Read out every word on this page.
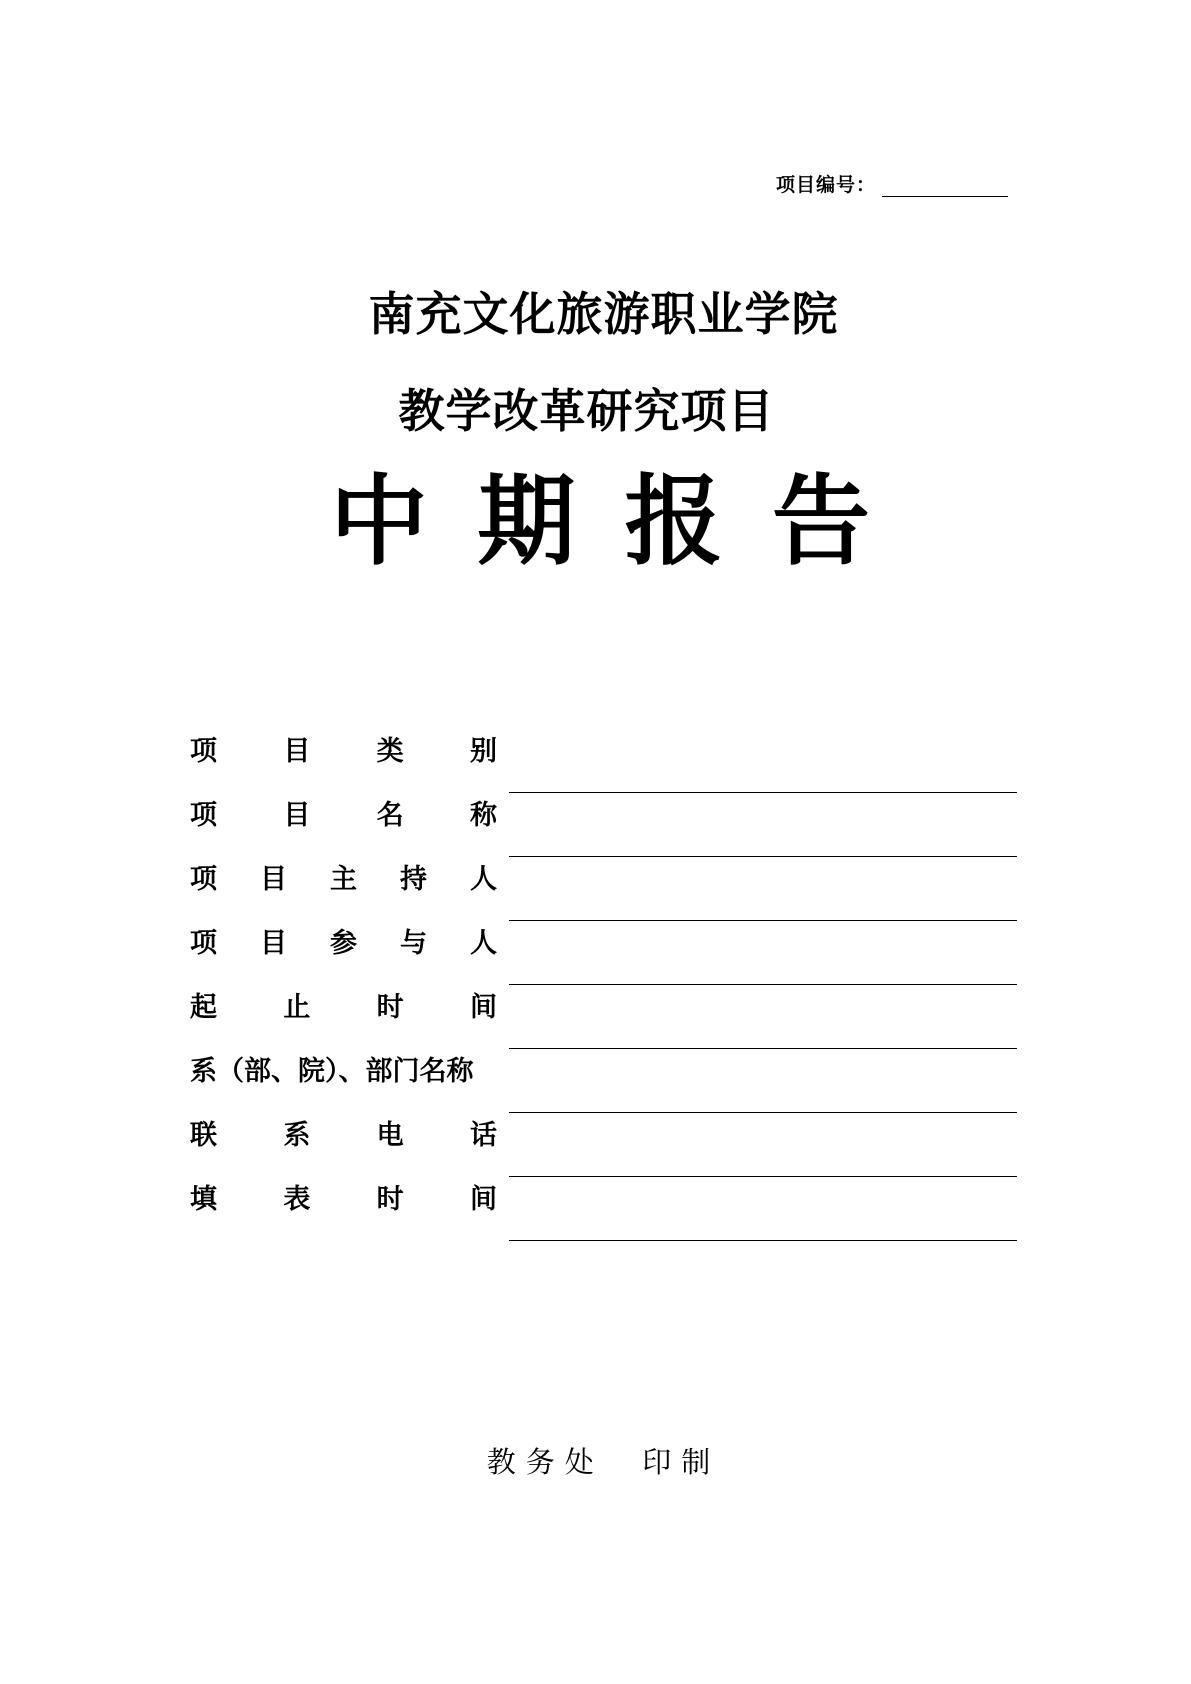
项目编号：
南充文化旅游职业学院
教学改革研究项目
中 期 报 告
项 目 类 别
项 目 名 称
项 目 主 持 人
项 目 参 与 人
起 止 时 间
系（部、院）、部门名称
联 系 电 话
填 表 时 间
教务处  印制
